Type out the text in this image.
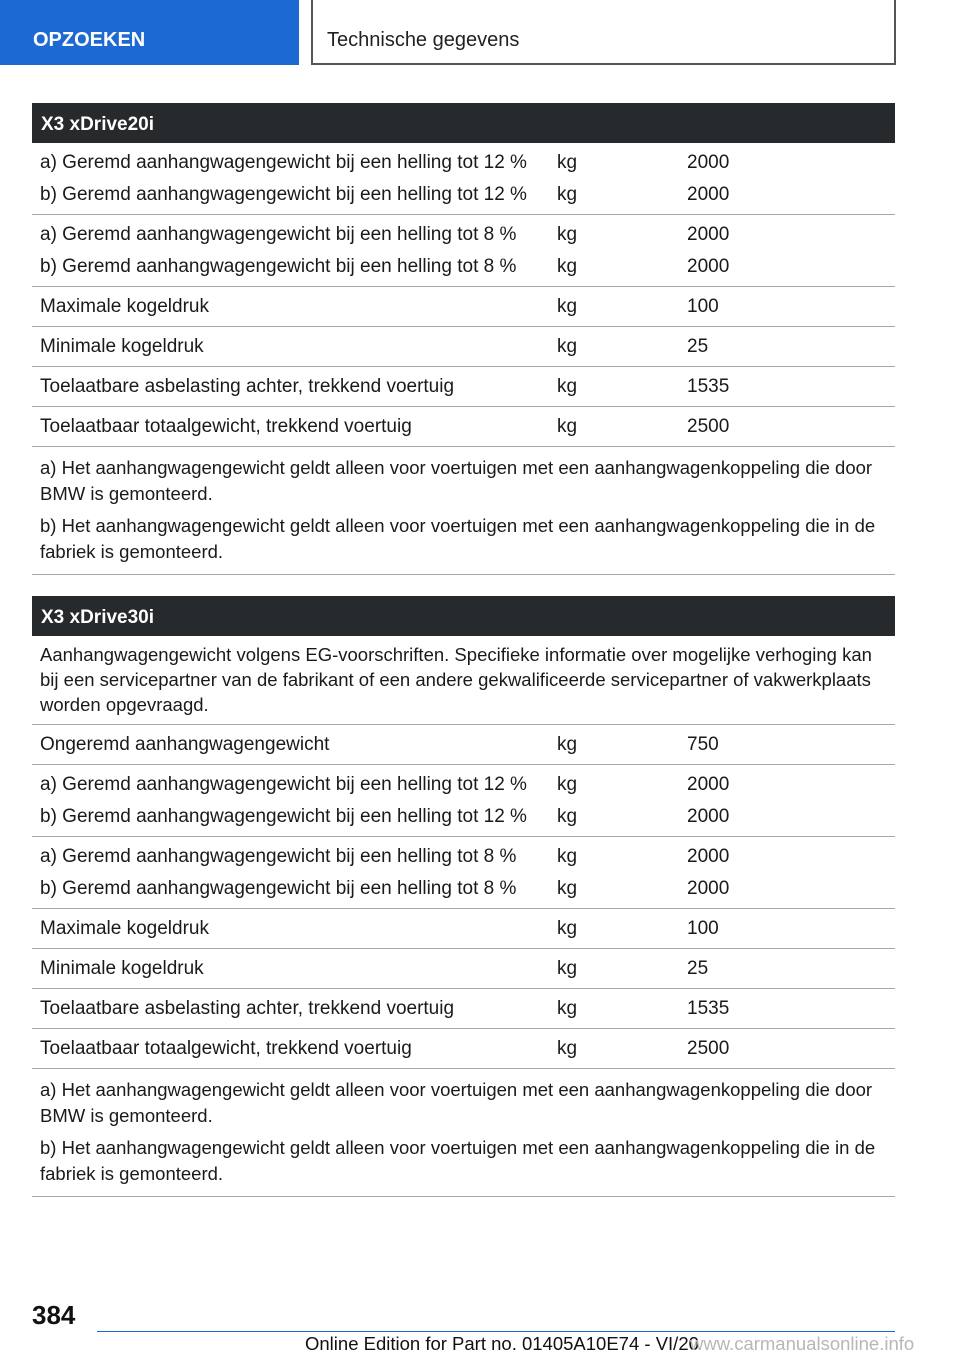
OPZOEKEN	Technische gegevens
X3 xDrive20i
a) Geremd aanhangwagengewicht bij een helling tot 12 %	kg	2000
b) Geremd aanhangwagengewicht bij een helling tot 12 %	kg	2000
a) Geremd aanhangwagengewicht bij een helling tot 8 %	kg	2000
b) Geremd aanhangwagengewicht bij een helling tot 8 %	kg	2000
Maximale kogeldruk	kg	100
Minimale kogeldruk	kg	25
Toelaatbare asbelasting achter, trekkend voertuig	kg	1535
Toelaatbaar totaalgewicht, trekkend voertuig	kg	2500

a) Het aanhangwagengewicht geldt alleen voor voertuigen met een aanhangwagenkoppeling die door BMW is gemonteerd.

b) Het aanhangwagengewicht geldt alleen voor voertuigen met een aanhangwagenkoppeling die in de fabriek is gemonteerd.

X3 xDrive30i
Aanhangwagengewicht volgens EG-voorschriften. Specifieke informatie over mogelijke verhoging kan bij een servicepartner van de fabrikant of een andere gekwalificeerde servicepartner of vakwerkplaats worden opgevraagd.
Ongeremd aanhangwagengewicht	kg	750
a) Geremd aanhangwagengewicht bij een helling tot 12 %	kg	2000
b) Geremd aanhangwagengewicht bij een helling tot 12 %	kg	2000
a) Geremd aanhangwagengewicht bij een helling tot 8 %	kg	2000
b) Geremd aanhangwagengewicht bij een helling tot 8 %	kg	2000
Maximale kogeldruk	kg	100
Minimale kogeldruk	kg	25
Toelaatbare asbelasting achter, trekkend voertuig	kg	1535
Toelaatbaar totaalgewicht, trekkend voertuig	kg	2500

a) Het aanhangwagengewicht geldt alleen voor voertuigen met een aanhangwagenkoppeling die door BMW is gemonteerd.

b) Het aanhangwagengewicht geldt alleen voor voertuigen met een aanhangwagenkoppeling die in de fabriek is gemonteerd.

384
Online Edition for Part no. 01405A10E74 - VI/20
www.carmanualsonline.info
